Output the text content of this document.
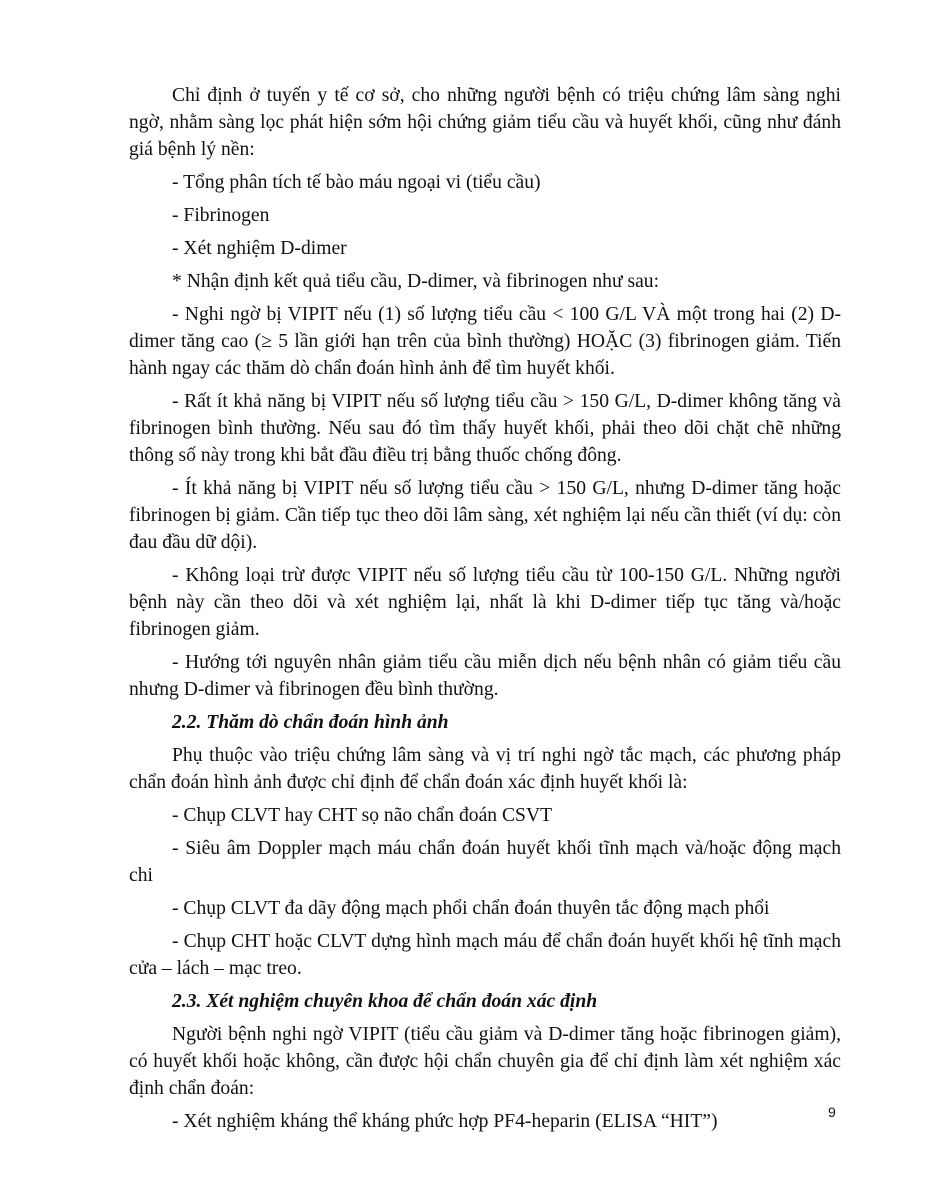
Chỉ định ở tuyến y tế cơ sở, cho những người bệnh có triệu chứng lâm sàng nghi ngờ, nhằm sàng lọc phát hiện sớm hội chứng giảm tiểu cầu và huyết khối, cũng như đánh giá bệnh lý nền:

- Tổng phân tích tế bào máu ngoại vi (tiểu cầu)

- Fibrinogen

- Xét nghiệm D-dimer

* Nhận định kết quả tiểu cầu, D-dimer, và fibrinogen như sau:

- Nghi ngờ bị VIPIT nếu (1) số lượng tiểu cầu < 100 G/L VÀ một trong hai (2) D-dimer tăng cao (≥ 5 lần giới hạn trên của bình thường) HOẶC (3) fibrinogen giảm. Tiến hành ngay các thăm dò chẩn đoán hình ảnh để tìm huyết khối.

- Rất ít khả năng bị VIPIT nếu số lượng tiểu cầu > 150 G/L, D-dimer không tăng và fibrinogen bình thường. Nếu sau đó tìm thấy huyết khối, phải theo dõi chặt chẽ những thông số này trong khi bắt đầu điều trị bằng thuốc chống đông.

- Ít khả năng bị VIPIT nếu số lượng tiểu cầu > 150 G/L, nhưng D-dimer tăng hoặc fibrinogen bị giảm. Cần tiếp tục theo dõi lâm sàng, xét nghiệm lại nếu cần thiết (ví dụ: còn đau đầu dữ dội).

- Không loại trừ được VIPIT nếu số lượng tiểu cầu từ 100-150 G/L. Những người bệnh này cần theo dõi và xét nghiệm lại, nhất là khi D-dimer tiếp tục tăng và/hoặc fibrinogen giảm.

- Hướng tới nguyên nhân giảm tiểu cầu miễn dịch nếu bệnh nhân có giảm tiểu cầu nhưng D-dimer và fibrinogen đều bình thường.

2.2. Thăm dò chẩn đoán hình ảnh

Phụ thuộc vào triệu chứng lâm sàng và vị trí nghi ngờ tắc mạch, các phương pháp chẩn đoán hình ảnh được chỉ định để chẩn đoán xác định huyết khối là:

- Chụp CLVT hay CHT sọ não chẩn đoán CSVT

- Siêu âm Doppler mạch máu chẩn đoán huyết khối tĩnh mạch và/hoặc động mạch chi

- Chụp CLVT đa dãy động mạch phổi chẩn đoán thuyên tắc động mạch phổi

- Chụp CHT hoặc CLVT dựng hình mạch máu để chẩn đoán huyết khối hệ tĩnh mạch cửa – lách – mạc treo.

2.3. Xét nghiệm chuyên khoa để chẩn đoán xác định

Người bệnh nghi ngờ VIPIT (tiểu cầu giảm và D-dimer tăng hoặc fibrinogen giảm), có huyết khối hoặc không, cần được hội chẩn chuyên gia để chỉ định làm xét nghiệm xác định chẩn đoán:

- Xét nghiệm kháng thể kháng phức hợp PF4-heparin (ELISA “HIT”)	9
